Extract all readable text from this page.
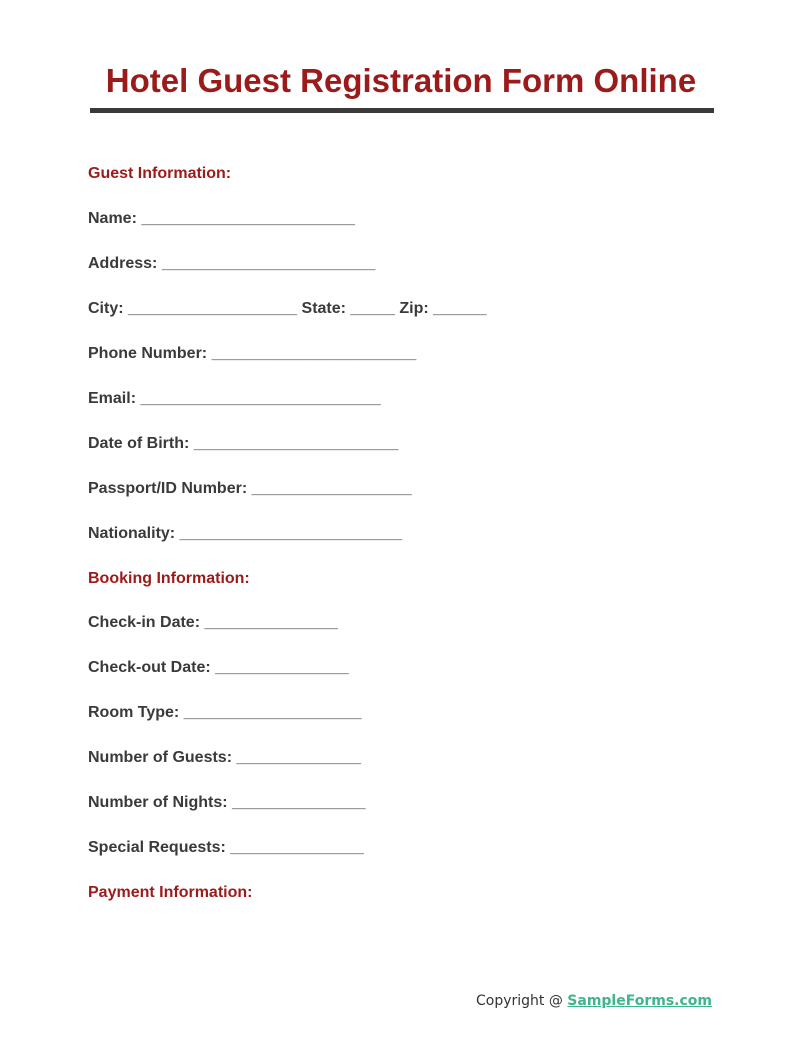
Hotel Guest Registration Form Online
Guest Information:
Name: ________________________
Address: ________________________
City: ___________________ State: _____ Zip: ______
Phone Number: _______________________
Email: ___________________________
Date of Birth: _______________________
Passport/ID Number: __________________
Nationality: _________________________
Booking Information:
Check-in Date: _______________
Check-out Date: _______________
Room Type: ____________________
Number of Guests: ______________
Number of Nights: _______________
Special Requests: _______________
Payment Information:
Copyright @ SampleForms.com
